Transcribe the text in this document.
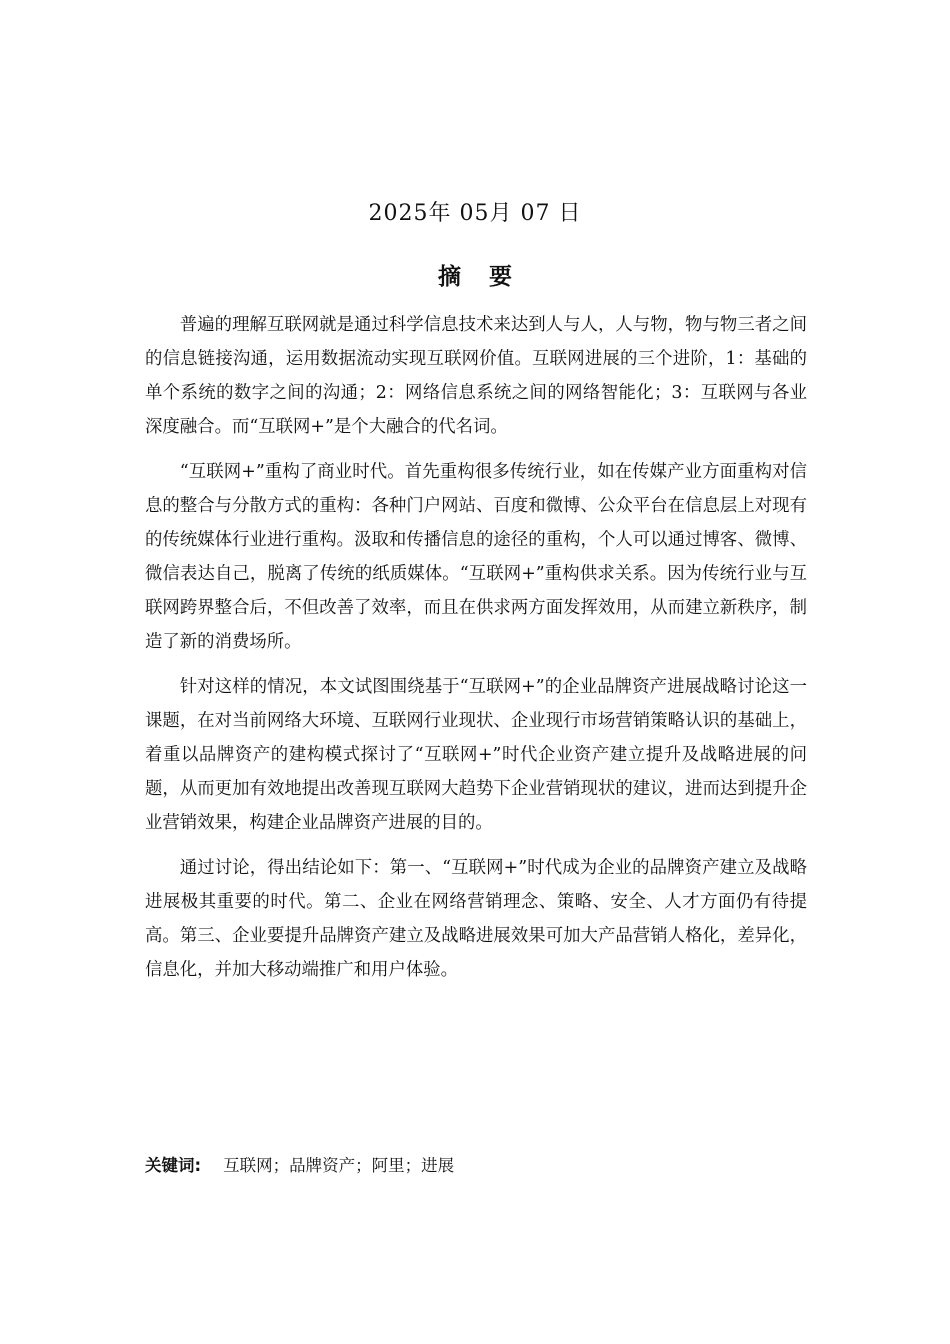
2025年 05月 07 日
摘 要

普遍的理解互联网就是通过科学信息技术来达到人与人，人与物，物与物三者之间的信息链接沟通，运用数据流动实现互联网价值。互联网进展的三个进阶，1：基础的单个系统的数字之间的沟通；2：网络信息系统之间的网络智能化；3：互联网与各业深度融合。而“互联网+”是个大融合的代名词。

“互联网+”重构了商业时代。首先重构很多传统行业，如在传媒产业方面重构对信息的整合与分散方式的重构：各种门户网站、百度和微博、公众平台在信息层上对现有的传统媒体行业进行重构。汲取和传播信息的途径的重构，个人可以通过博客、微博、微信表达自己，脱离了传统的纸质媒体。“互联网+”重构供求关系。因为传统行业与互联网跨界整合后，不但改善了效率，而且在供求两方面发挥效用，从而建立新秩序，制造了新的消费场所。

针对这样的情况，本文试图围绕基于“互联网+”的企业品牌资产进展战略讨论这一课题，在对当前网络大环境、互联网行业现状、企业现行市场营销策略认识的基础上，着重以品牌资产的建构模式探讨了“互联网+”时代企业资产建立提升及战略进展的问题，从而更加有效地提出改善现互联网大趋势下企业营销现状的建议，进而达到提升企业营销效果，构建企业品牌资产进展的目的。

通过讨论，得出结论如下：第一、“互联网+”时代成为企业的品牌资产建立及战略进展极其重要的时代。第二、企业在网络营销理念、策略、安全、人才方面仍有待提高。第三、企业要提升品牌资产建立及战略进展效果可加大产品营销人格化，差异化，信息化，并加大移动端推广和用户体验。

关键词: 互联网；品牌资产；阿里；进展
